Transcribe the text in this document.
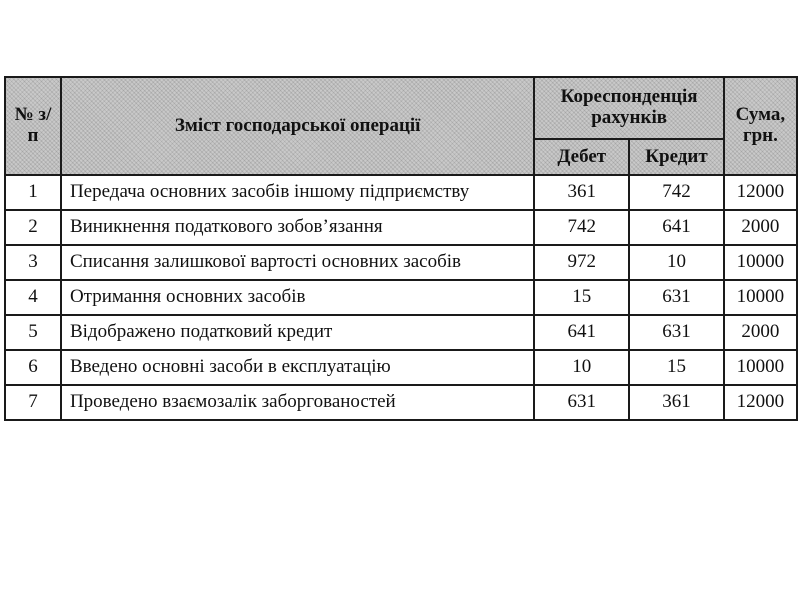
№ з/п	Зміст господарської операції	Кореспонденція рахунків		Сума, грн.
		Дебет	Кредит	
1	Передача основних засобів іншому підприємству	361	742	12000
2	Виникнення податкового зобов’язання	742	641	2000
3	Списання залишкової вартості основних засобів	972	10	10000
4	Отримання основних засобів	15	631	10000
5	Відображено податковий кредит	641	631	2000
6	Введено основні засоби в експлуатацію	10	15	10000
7	Проведено взаємозалік заборгованостей	631	361	12000
